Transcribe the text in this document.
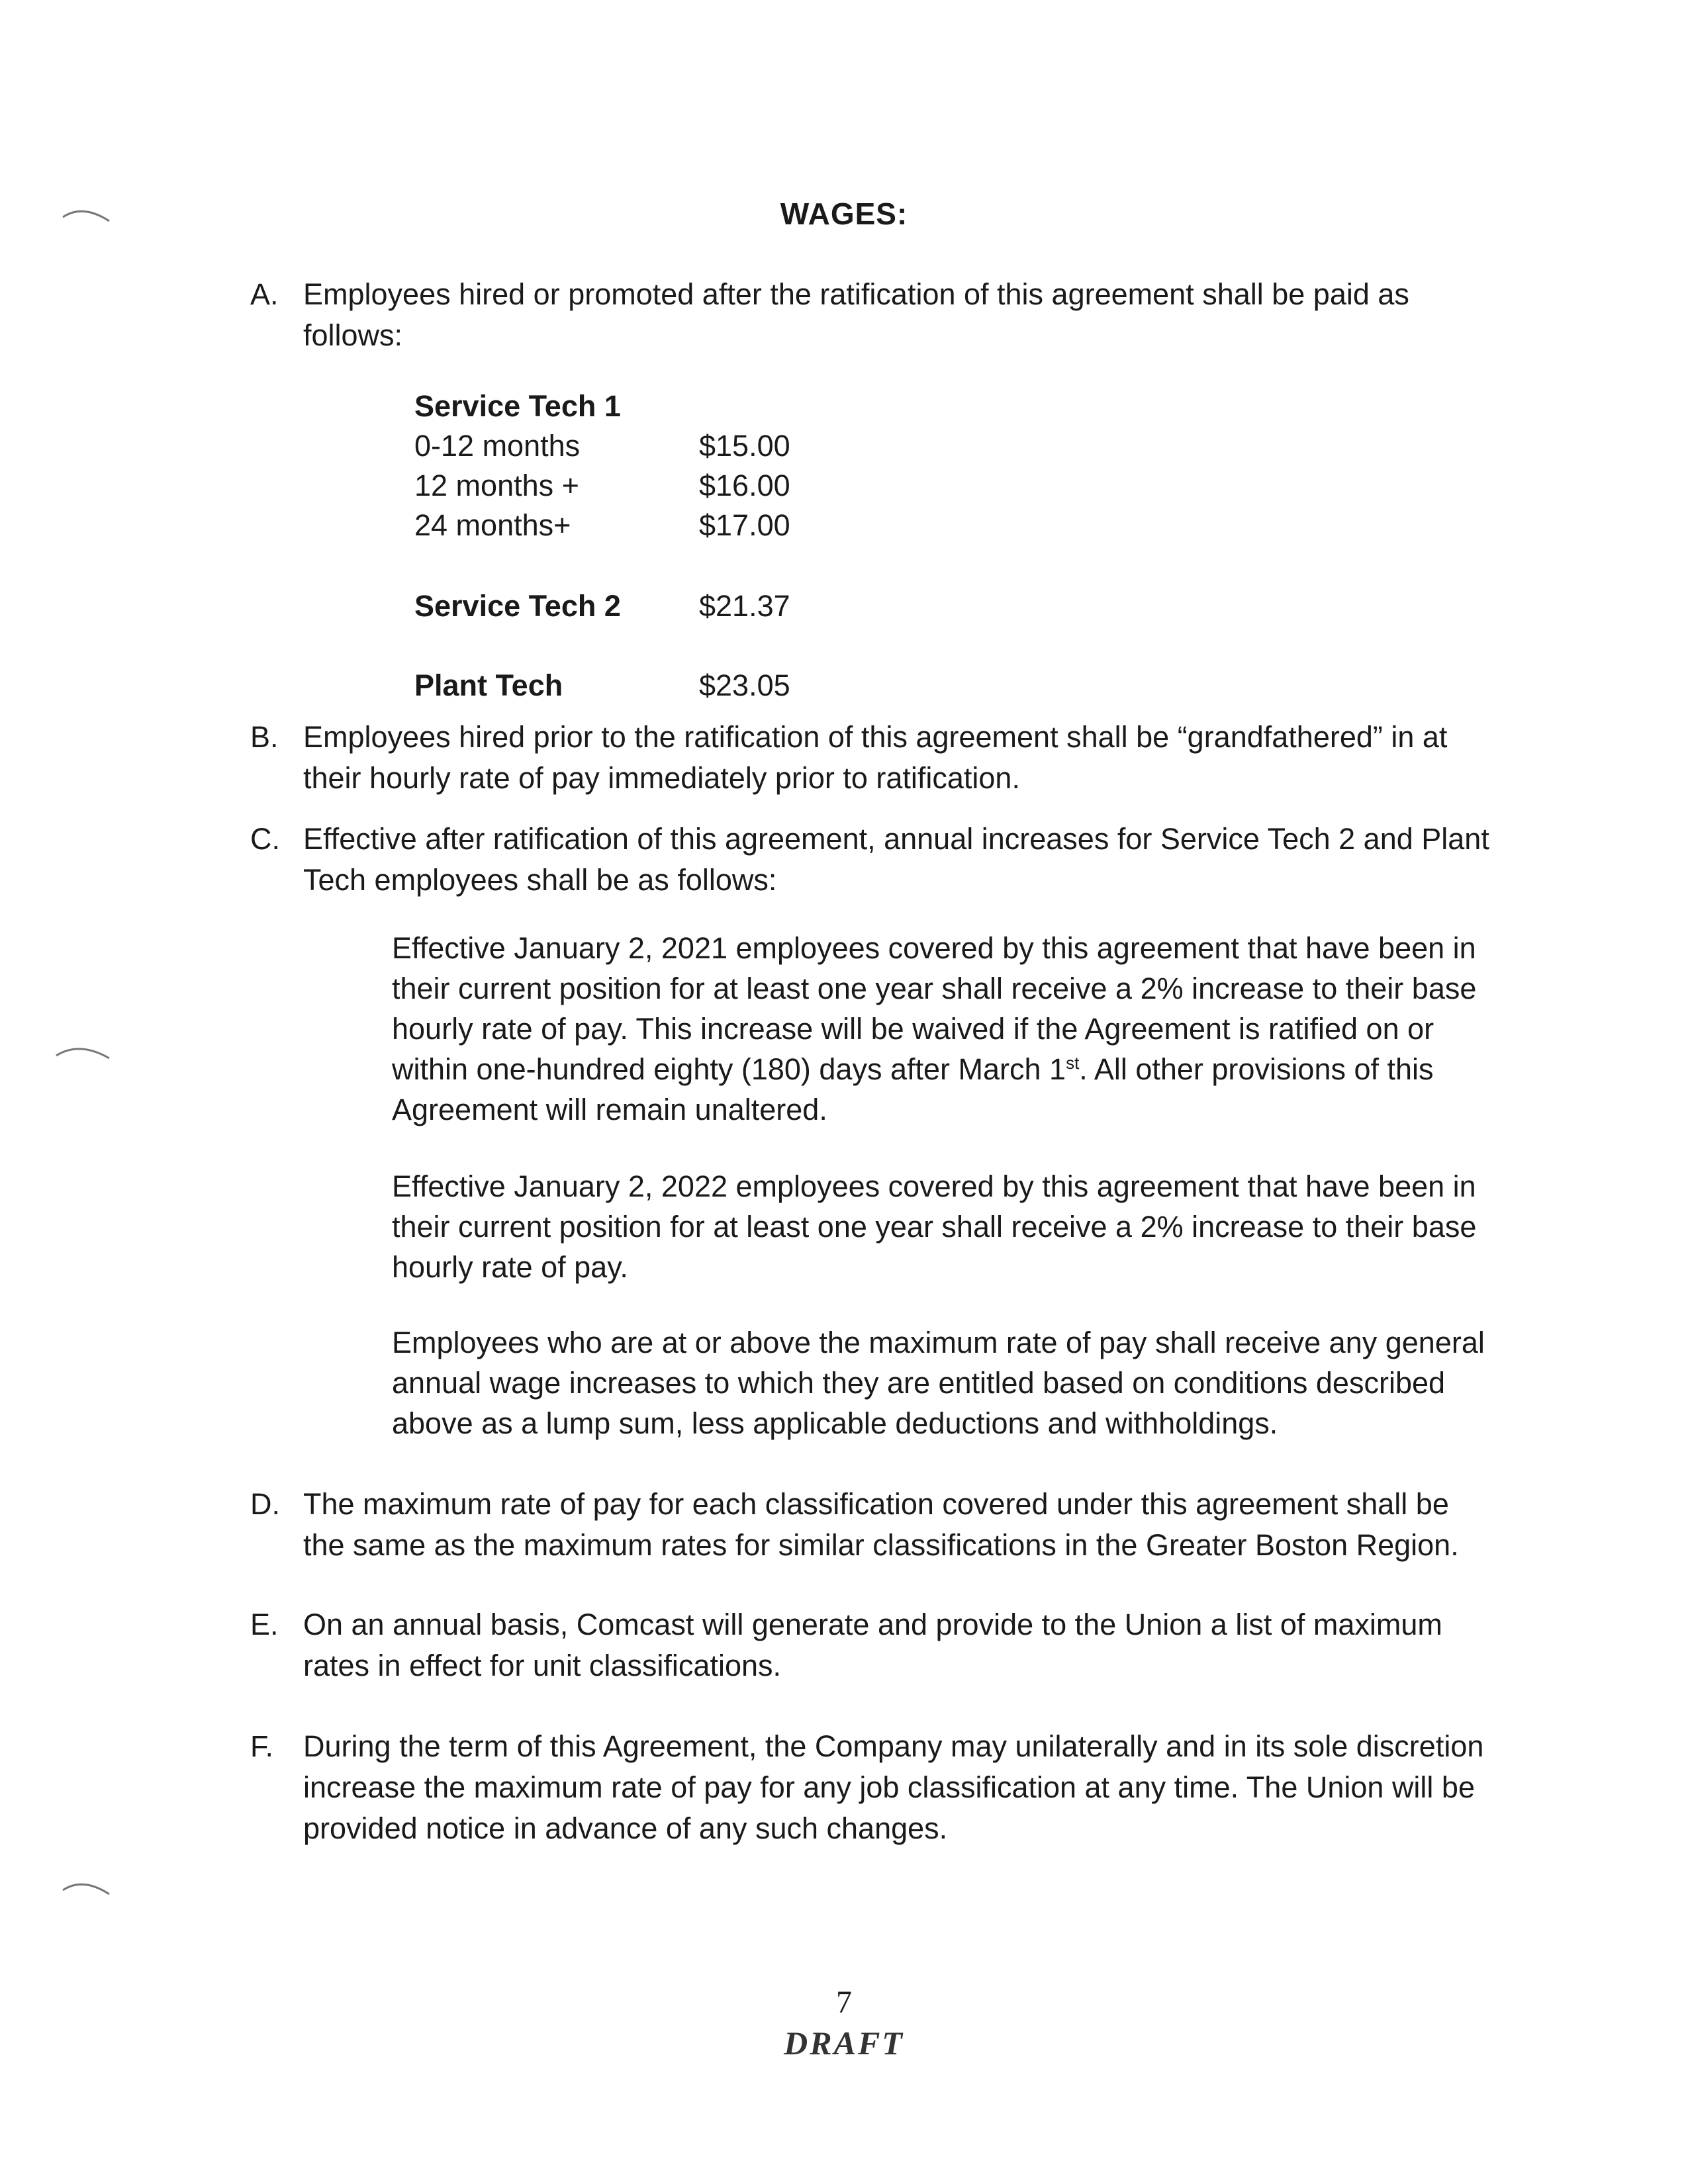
WAGES:
A. Employees hired or promoted after the ratification of this agreement shall be paid as follows:
Service Tech 1
0-12 months	$15.00
12 months +	$16.00
24 months+	$17.00
Service Tech 2	$21.37
Plant Tech	$23.05
B. Employees hired prior to the ratification of this agreement shall be “grandfathered” in at their hourly rate of pay immediately prior to ratification.
C. Effective after ratification of this agreement, annual increases for Service Tech 2 and Plant Tech employees shall be as follows:
Effective January 2, 2021 employees covered by this agreement that have been in their current position for at least one year shall receive a 2% increase to their base hourly rate of pay. This increase will be waived if the Agreement is ratified on or within one-hundred eighty (180) days after March 1st. All other provisions of this Agreement will remain unaltered.
Effective January 2, 2022 employees covered by this agreement that have been in their current position for at least one year shall receive a 2% increase to their base hourly rate of pay.
Employees who are at or above the maximum rate of pay shall receive any general annual wage increases to which they are entitled based on conditions described above as a lump sum, less applicable deductions and withholdings.
D. The maximum rate of pay for each classification covered under this agreement shall be the same as the maximum rates for similar classifications in the Greater Boston Region.
E. On an annual basis, Comcast will generate and provide to the Union a list of maximum rates in effect for unit classifications.
F. During the term of this Agreement, the Company may unilaterally and in its sole discretion increase the maximum rate of pay for any job classification at any time. The Union will be provided notice in advance of any such changes.
7
DRAFT
